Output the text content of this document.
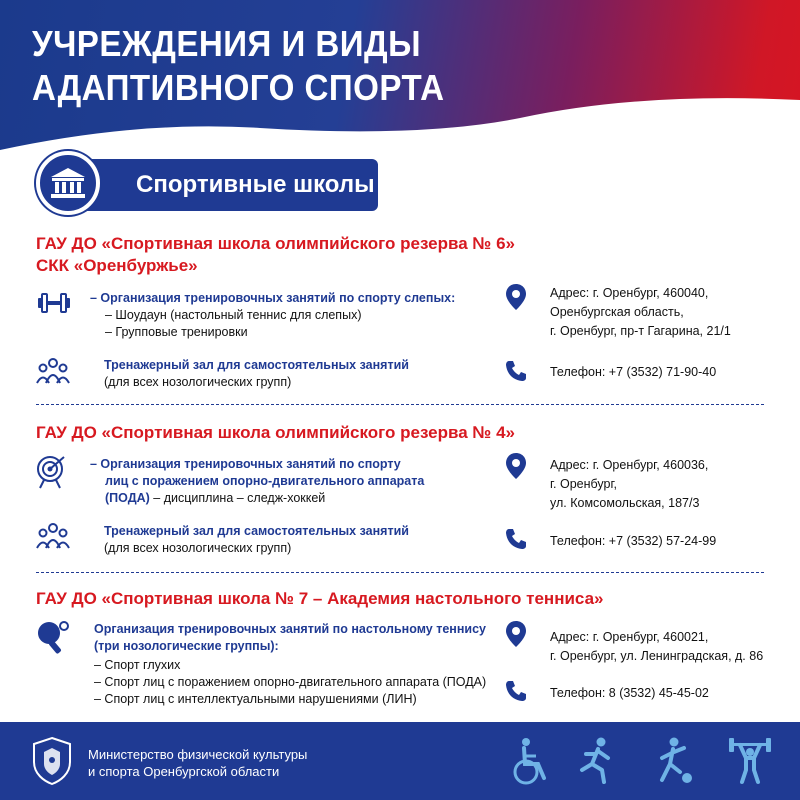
УЧРЕЖДЕНИЯ И ВИДЫ
АДАПТИВНОГО СПОРТА
Спортивные школы
ГАУ ДО «Спортивная школа олимпийского резерва № 6»
СКК «Оренбуржье»
– Организация тренировочных занятий по спорту слепых:
– Шоудаун (настольный теннис для слепых)
– Групповые тренировки
Тренажерный зал для самостоятельных занятий
(для всех нозологических групп)
Адрес: г. Оренбург, 460040,
Оренбургская область,
г. Оренбург, пр-т Гагарина, 21/1
Телефон: +7 (3532) 71-90-40
ГАУ ДО «Спортивная школа олимпийского резерва № 4»
– Организация тренировочных занятий по спорту
лиц с поражением опорно-двигательного аппарата
(ПОДА) – дисциплина – следж-хоккей
Тренажерный зал для самостоятельных занятий
(для всех нозологических групп)
Адрес: г. Оренбург, 460036,
г. Оренбург,
ул. Комсомольская, 187/3
Телефон: +7 (3532) 57-24-99
ГАУ ДО «Спортивная школа № 7 – Академия настольного тенниса»
Организация тренировочных занятий по настольному теннису
(три нозологические группы):
– Спорт глухих
– Спорт лиц с поражением опорно-двигательного аппарата (ПОДА)
– Спорт лиц с интеллектуальными нарушениями (ЛИН)
Адрес: г. Оренбург, 460021,
г. Оренбург, ул. Ленинградская, д. 86
Телефон: 8 (3532) 45-45-02
Министерство физической культуры
и спорта Оренбургской области
